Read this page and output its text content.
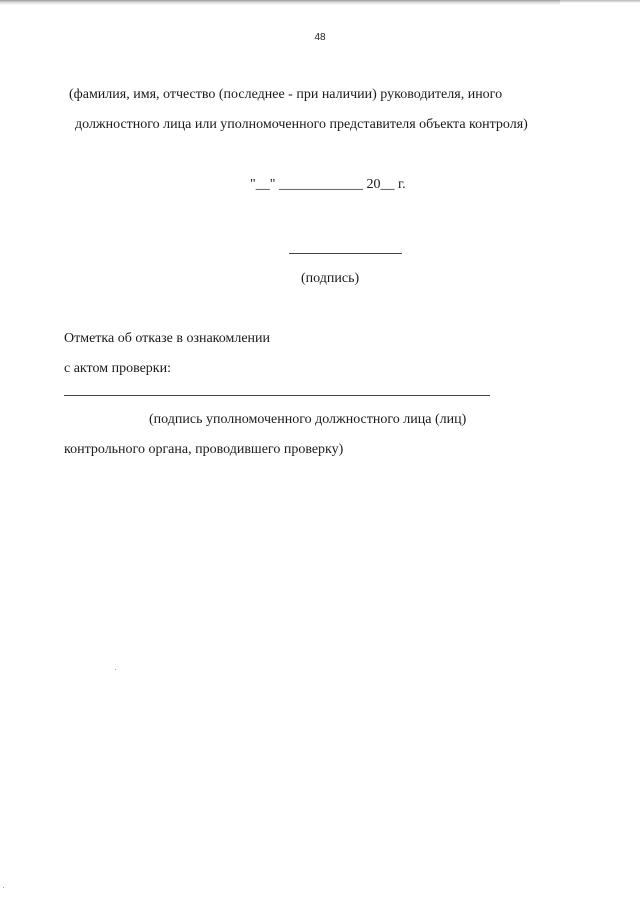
48
(фамилия, имя, отчество (последнее - при наличии) руководителя, иного
должностного лица или уполномоченного представителя объекта контроля)
"__" ____________ 20__ г.
(подпись)
Отметка об отказе в ознакомлении
с актом проверки:
(подпись уполномоченного должностного лица (лиц)
контрольного органа, проводившего проверку)
